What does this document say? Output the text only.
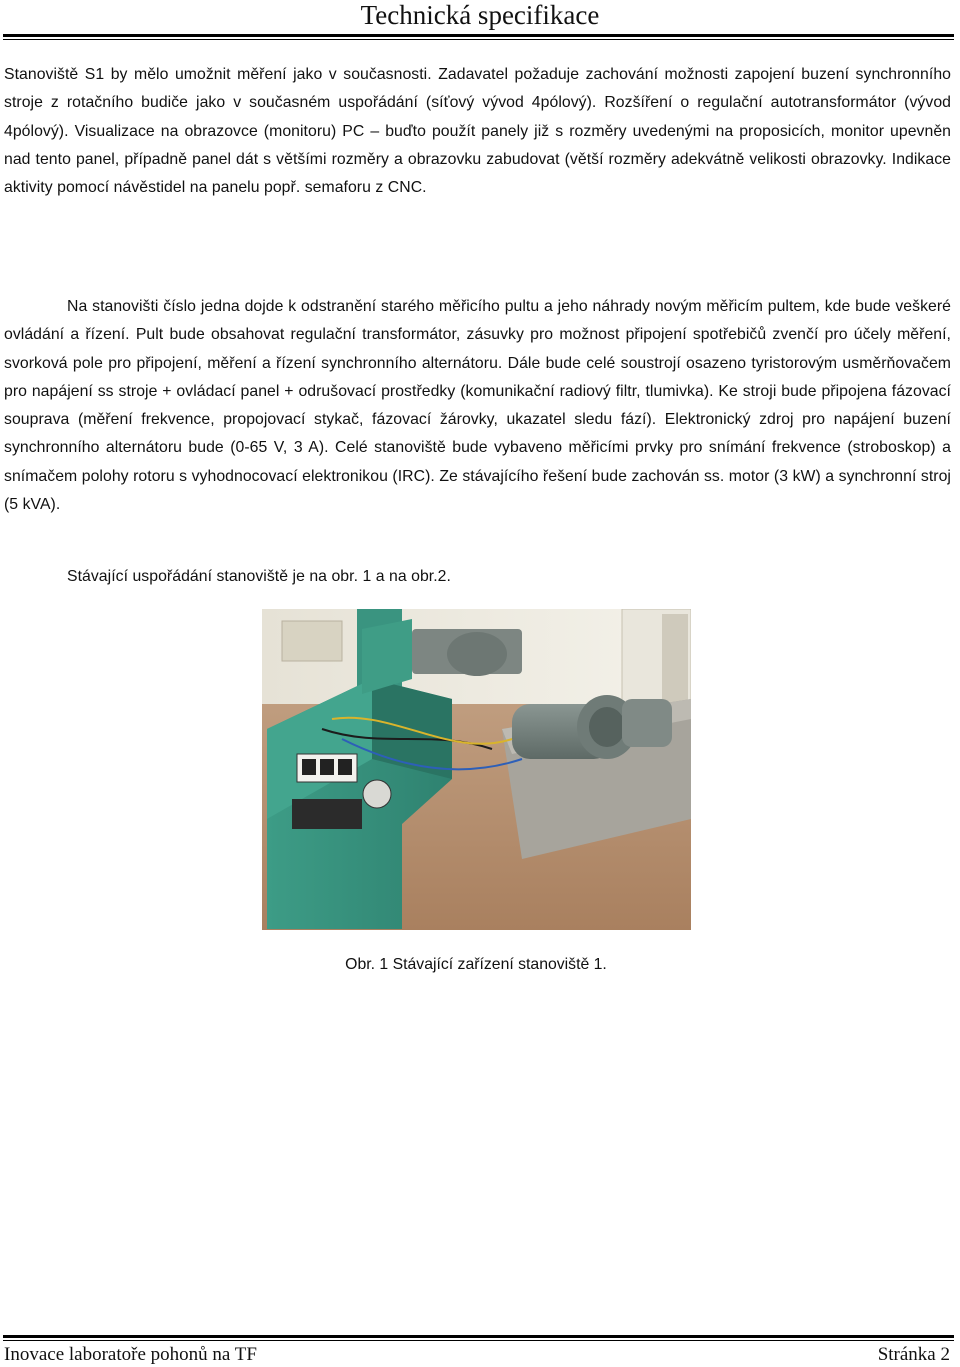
Technická specifikace

Stanoviště S1 by mělo umožnit měření jako v současnosti. Zadavatel požaduje zachování možnosti zapojení buzení synchronního stroje z rotačního budiče jako v současném uspořádání (síťový vývod 4pólový). Rozšíření o regulační autotransformátor (vývod 4pólový). Visualizace na obrazovce (monitoru) PC – buďto použít panely již s rozměry uvedenými na proposicích, monitor upevněn nad tento panel, případně panel dát s většími rozměry a obrazovku zabudovat (větší rozměry adekvátně velikosti obrazovky. Indikace aktivity pomocí návěstidel na panelu popř. semaforu z CNC.

Na stanovišti číslo jedna dojde k odstranění starého měřicího pultu a jeho náhrady novým měřicím pultem, kde bude veškeré ovládání a řízení. Pult bude obsahovat regulační transformátor, zásuvky pro možnost připojení spotřebičů zvenčí pro účely měření, svorková pole pro připojení, měření a řízení synchronního alternátoru. Dále bude celé soustrojí osazeno tyristorovým usměrňovačem pro napájení ss stroje + ovládací panel + odrušovací prostředky (komunikační radiový filtr, tlumivka). Ke stroji bude připojena fázovací souprava (měření frekvence, propojovací stykač, fázovací žárovky, ukazatel sledu fází). Elektronický zdroj pro napájení buzení synchronního alternátoru bude (0-65 V, 3 A). Celé stanoviště bude vybaveno měřicími prvky pro snímání frekvence (stroboskop) a snímačem polohy rotoru s vyhodnocovací elektronikou (IRC). Ze stávajícího řešení bude zachován ss. motor (3 kW) a synchronní stroj (5 kVA).

Stávající uspořádání stanoviště je na obr. 1 a na obr.2.

Obr. 1 Stávající zařízení stanoviště 1.
Inovace laboratoře pohonů na TF	Stránka 2
